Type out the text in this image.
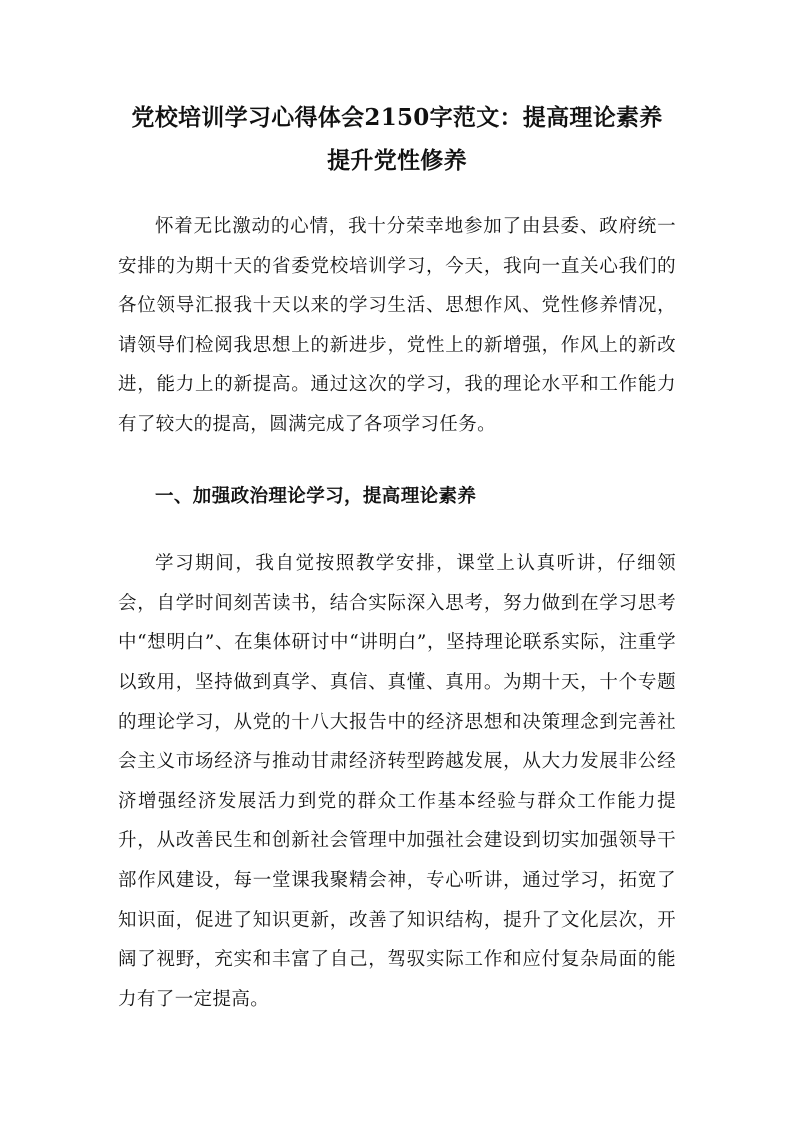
党校培训学习心得体会2150字范文：提高理论素养
提升党性修养

怀着无比激动的心情，我十分荣幸地参加了由县委、政府统一安排的为期十天的省委党校培训学习，今天，我向一直关心我们的各位领导汇报我十天以来的学习生活、思想作风、党性修养情况，请领导们检阅我思想上的新进步，党性上的新增强，作风上的新改进，能力上的新提高。通过这次的学习，我的理论水平和工作能力有了较大的提高，圆满完成了各项学习任务。

一、加强政治理论学习，提高理论素养

学习期间，我自觉按照教学安排，课堂上认真听讲，仔细领会，自学时间刻苦读书，结合实际深入思考，努力做到在学习思考中“想明白”、在集体研讨中“讲明白”，坚持理论联系实际，注重学以致用，坚持做到真学、真信、真懂、真用。为期十天，十个专题的理论学习，从党的十八大报告中的经济思想和决策理念到完善社会主义市场经济与推动甘肃经济转型跨越发展，从大力发展非公经济增强经济发展活力到党的群众工作基本经验与群众工作能力提升，从改善民生和创新社会管理中加强社会建设到切实加强领导干部作风建设，每一堂课我聚精会神，专心听讲，通过学习，拓宽了知识面，促进了知识更新，改善了知识结构，提升了文化层次，开阔了视野，充实和丰富了自己，驾驭实际工作和应付复杂局面的能力有了一定提高。
